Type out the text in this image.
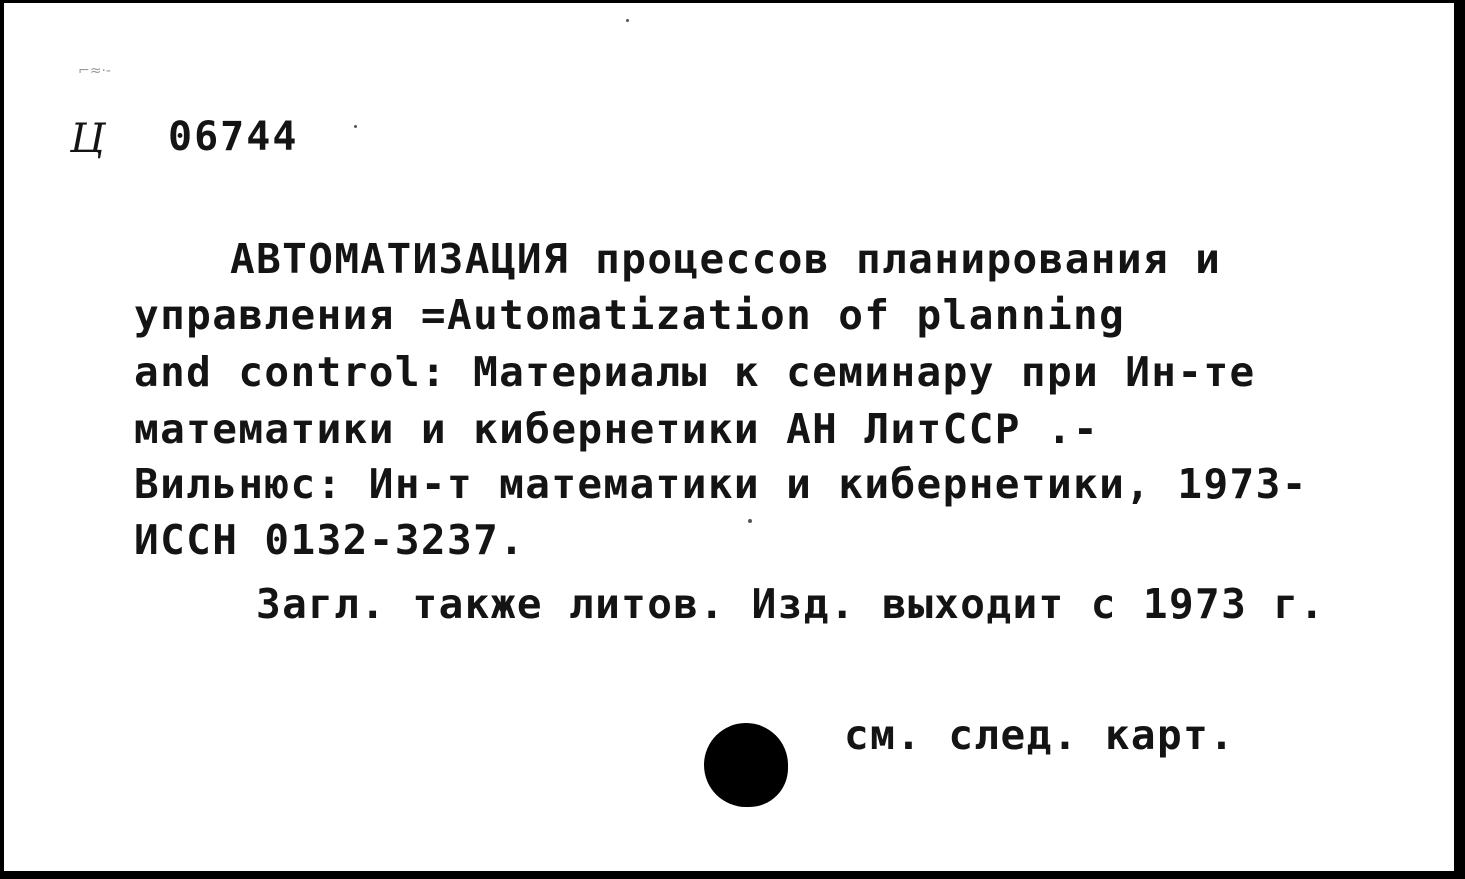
⌐≈·-
Ц 06744
АВТОМАТИЗАЦИЯ процессов планирования и
управления =Automatization of planning
and control: Материалы к семинару при Ин-те
математики и кибернетики АН ЛитССР .-
Вильнюс: Ин-т математики и кибернетики, 1973-
ИССН 0132-3237.
Загл. также литов. Изд. выходит с 1973 г.
см. след. карт.
